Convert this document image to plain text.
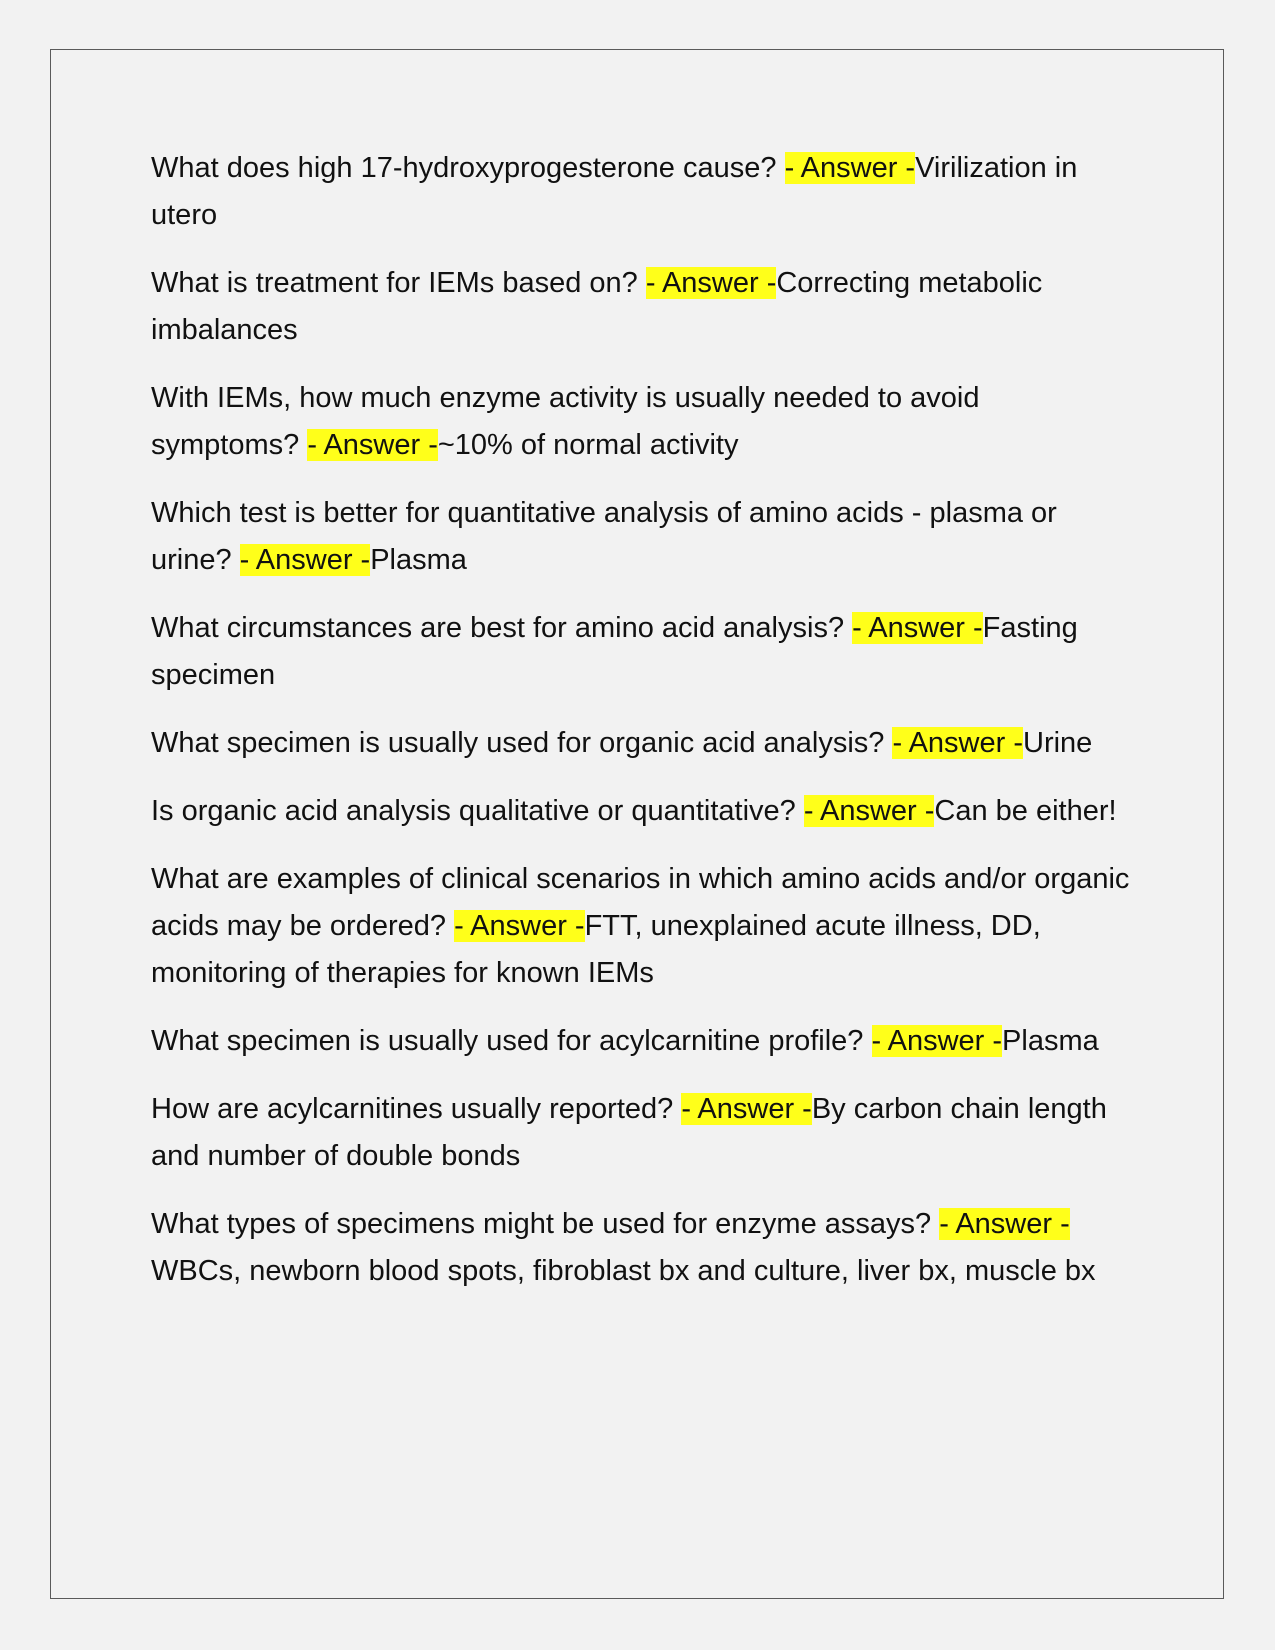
What does high 17-hydroxyprogesterone cause? - Answer -Virilization in utero

What is treatment for IEMs based on? - Answer -Correcting metabolic imbalances

With IEMs, how much enzyme activity is usually needed to avoid symptoms? - Answer -~10% of normal activity

Which test is better for quantitative analysis of amino acids - plasma or urine? - Answer -Plasma

What circumstances are best for amino acid analysis? - Answer -Fasting specimen

What specimen is usually used for organic acid analysis? - Answer -Urine

Is organic acid analysis qualitative or quantitative? - Answer -Can be either!

What are examples of clinical scenarios in which amino acids and/or organic acids may be ordered? - Answer -FTT, unexplained acute illness, DD, monitoring of therapies for known IEMs

What specimen is usually used for acylcarnitine profile? - Answer -Plasma

How are acylcarnitines usually reported? - Answer -By carbon chain length and number of double bonds

What types of specimens might be used for enzyme assays? - Answer -WBCs, newborn blood spots, fibroblast bx and culture, liver bx, muscle bx
